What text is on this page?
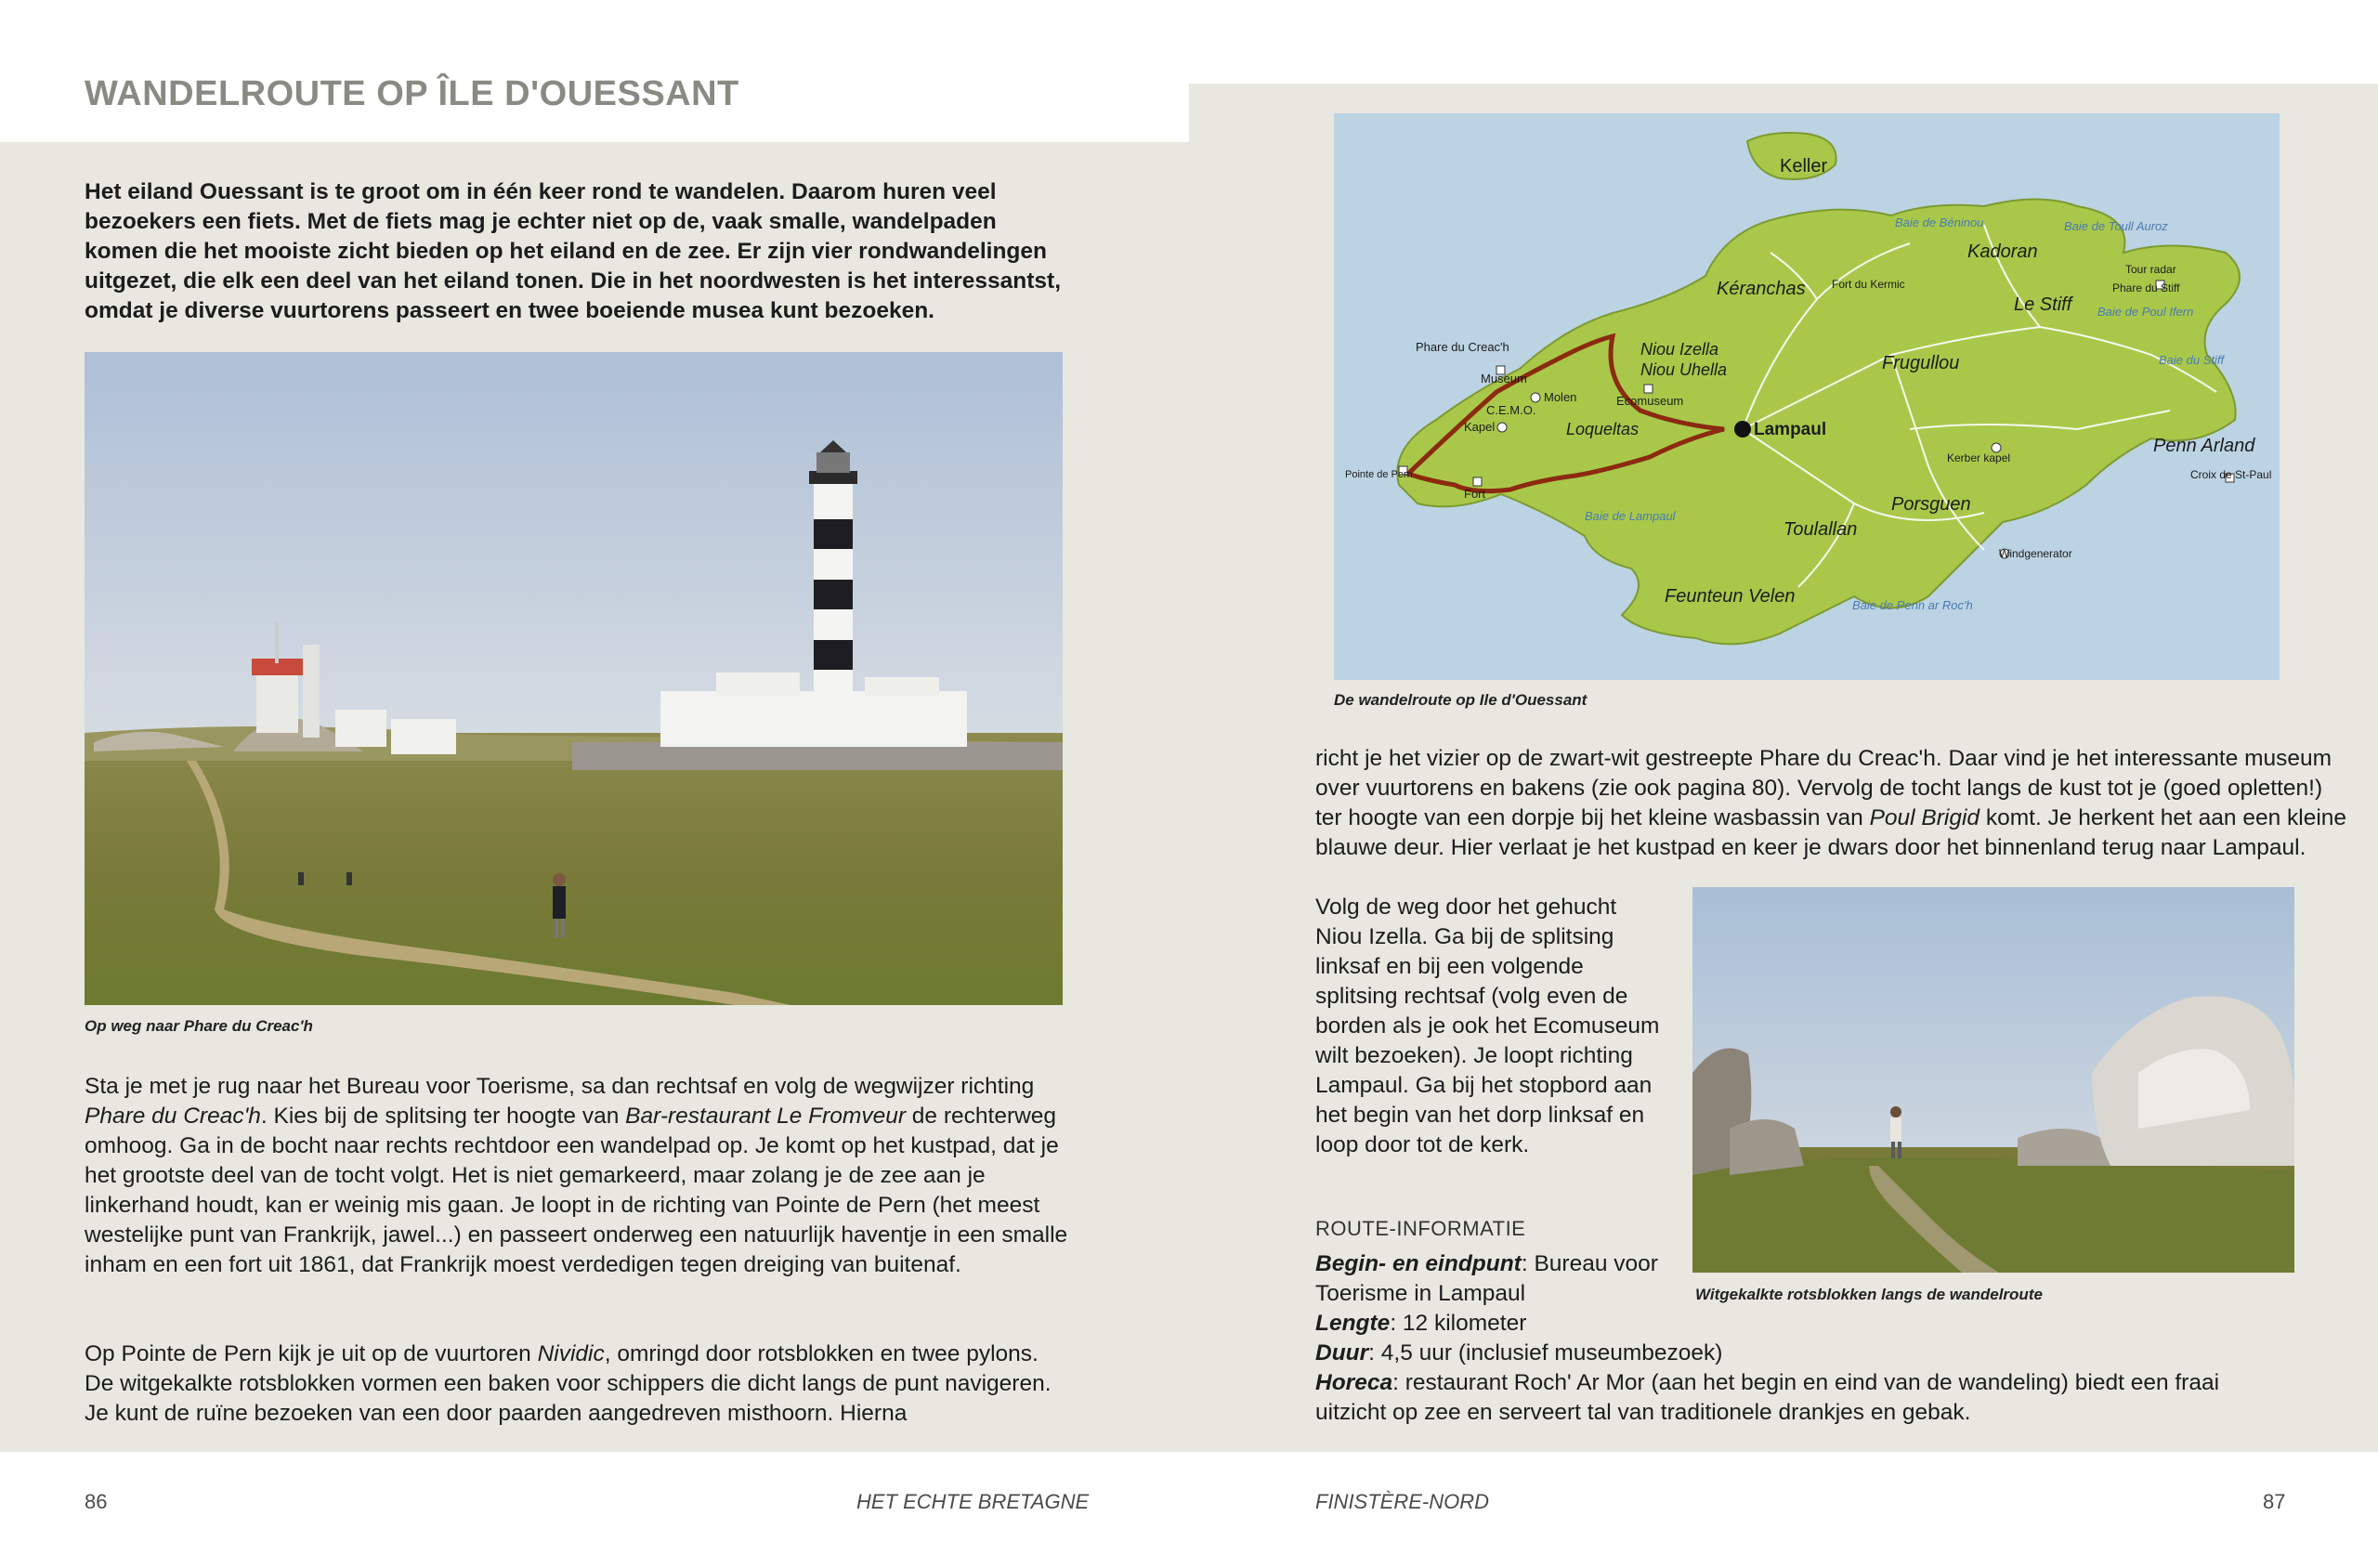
WANDELROUTE OP ÎLE D'OUESSANT

Het eiland Ouessant is te groot om in één keer rond te wandelen. Daarom huren veel bezoekers een fiets. Met de fiets mag je echter niet op de, vaak smalle, wandelpaden komen die het mooiste zicht bieden op het eiland en de zee. Er zijn vier rondwandelingen uitgezet, die elk een deel van het eiland tonen. Die in het noordwesten is het interessantst, omdat je diverse vuurtorens passeert en twee boeiende musea kunt bezoeken.

Op weg naar Phare du Creac'h

Sta je met je rug naar het Bureau voor Toerisme, sa dan rechtsaf en volg de wegwijzer richting Phare du Creac'h. Kies bij de splitsing ter hoogte van Bar-restaurant Le Fromveur de rechterweg omhoog. Ga in de bocht naar rechts rechtdoor een wandelpad op. Je komt op het kustpad, dat je het grootste deel van de tocht volgt. Het is niet gemarkeerd, maar zolang je de zee aan je linkerhand houdt, kan er weinig mis gaan. Je loopt in de richting van Pointe de Pern (het meest westelijke punt van Frankrijk, jawel...) en passeert onderweg een natuurlijk haventje in een smalle inham en een fort uit 1861, dat Frankrijk moest verdedigen tegen dreiging van buitenaf.

Op Pointe de Pern kijk je uit op de vuurtoren Nividic, omringd door rotsblokken en twee pylons. De witgekalkte rotsblokken vormen een baken voor schippers die dicht langs de punt navigeren. Je kunt de ruïne bezoeken van een door paarden aangedreven misthoorn. Hierna

86	HET ECHTE BRETAGNE
Keller
Kéranchas
Kadoran
Le Stiff
Frugullou
Niou Izella
Niou Uhella
Lampaul
Loqueltas
Penn Arland
Porsguen
Toulallan
Feunteun Velen
Phare du Creac'h
Museum
Molen
C.E.M.O.
Kapel
Ecomuseum
Fort
Pointe de Pern
Fort du Kermic
Tour radar
Phare du Stiff
Kerber kapel
Croix de St-Paul
Windgenerator
Baie de Lampaul
Baie de Béninou	Baie de Toull Auroz
Baie de Poul Ifern
Baie du Stiff
Baie de Penn ar Roc'h

De wandelroute op Ile d'Ouessant

richt je het vizier op de zwart-wit gestreepte Phare du Creac'h. Daar vind je het interessante museum over vuurtorens en bakens (zie ook pagina 80). Vervolg de tocht langs de kust tot je (goed opletten!) ter hoogte van een dorpje bij het kleine wasbassin van Poul Brigid komt. Je herkent het aan een kleine blauwe deur. Hier verlaat je het kustpad en keer je dwars door het binnenland terug naar Lampaul.

Volg de weg door het gehucht
Niou Izella. Ga bij de splitsing
linksaf en bij een volgende
splitsing rechtsaf (volg even de
borden als je ook het Ecomuseum
wilt bezoeken). Je loopt richting
Lampaul. Ga bij het stopbord aan
het begin van het dorp linksaf en
loop door tot de kerk.

Witgekalkte rotsblokken langs de wandelroute

ROUTE-INFORMATIE

Begin- en eindpunt: Bureau voor

Toerisme in Lampaul

Lengte: 12 kilometer

Duur: 4,5 uur (inclusief museumbezoek)

Horeca: restaurant Roch' Ar Mor (aan het begin en eind van de wandeling) biedt een fraai

uitzicht op zee en serveert tal van traditionele drankjes en gebak.

FINISTÈRE-NORD	87
